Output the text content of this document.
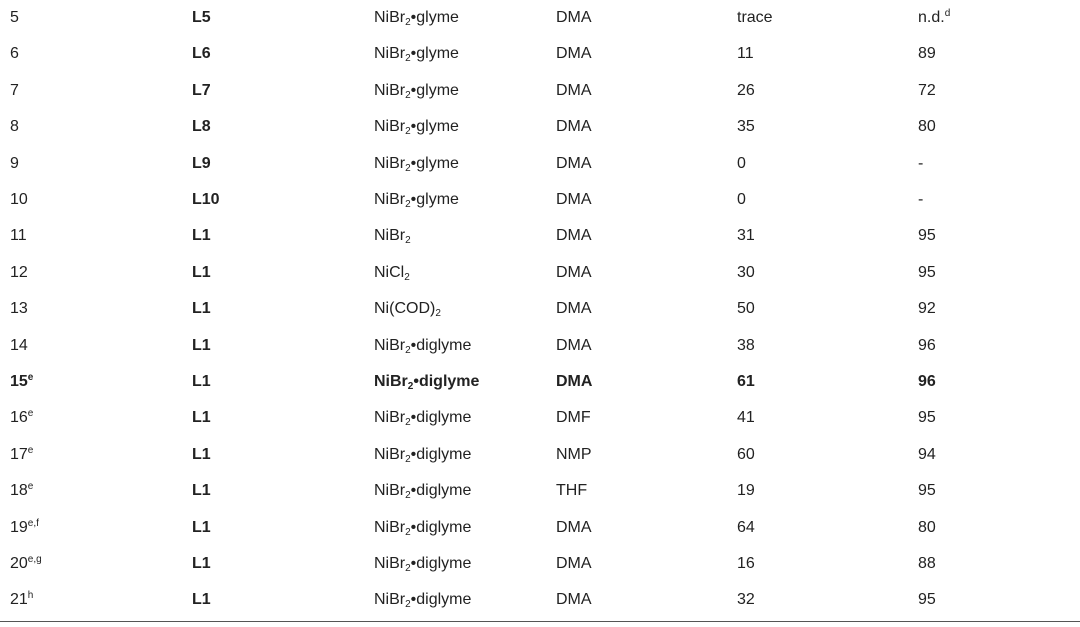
5	L5	NiBr$_2$•glyme	DMA	trace	n.d.$^d$
6	L6	NiBr$_2$•glyme	DMA	11	89
7	L7	NiBr$_2$•glyme	DMA	26	72
8	L8	NiBr$_2$•glyme	DMA	35	80
9	L9	NiBr$_2$•glyme	DMA	0	-
10	L10	NiBr$_2$•glyme	DMA	0	-
11	L1	NiBr$_2$	DMA	31	95
12	L1	NiCl$_2$	DMA	30	95
13	L1	$Ni(COD)_2$	DMA	50	92
14	L1	NiBr$_2$•diglyme	DMA	38	96
15e	L1	NiBr$_2$•diglyme	DMA	61	96
16e	L1	NiBr$_2$•diglyme	DMF	41	95
17e	L1	NiBr$_2$•diglyme	NMP	60	94
18e	L1	NiBr$_2$•diglyme	THF	19	95
19$^{e,f}$	L1	NiBr$_2$•diglyme	DMA	64	80
20$^{e,g}$	L1	NiBr$_2$•diglyme	DMA	16	88
21$^h$	L1	NiBr$_2$•diglyme	DMA	32	95
